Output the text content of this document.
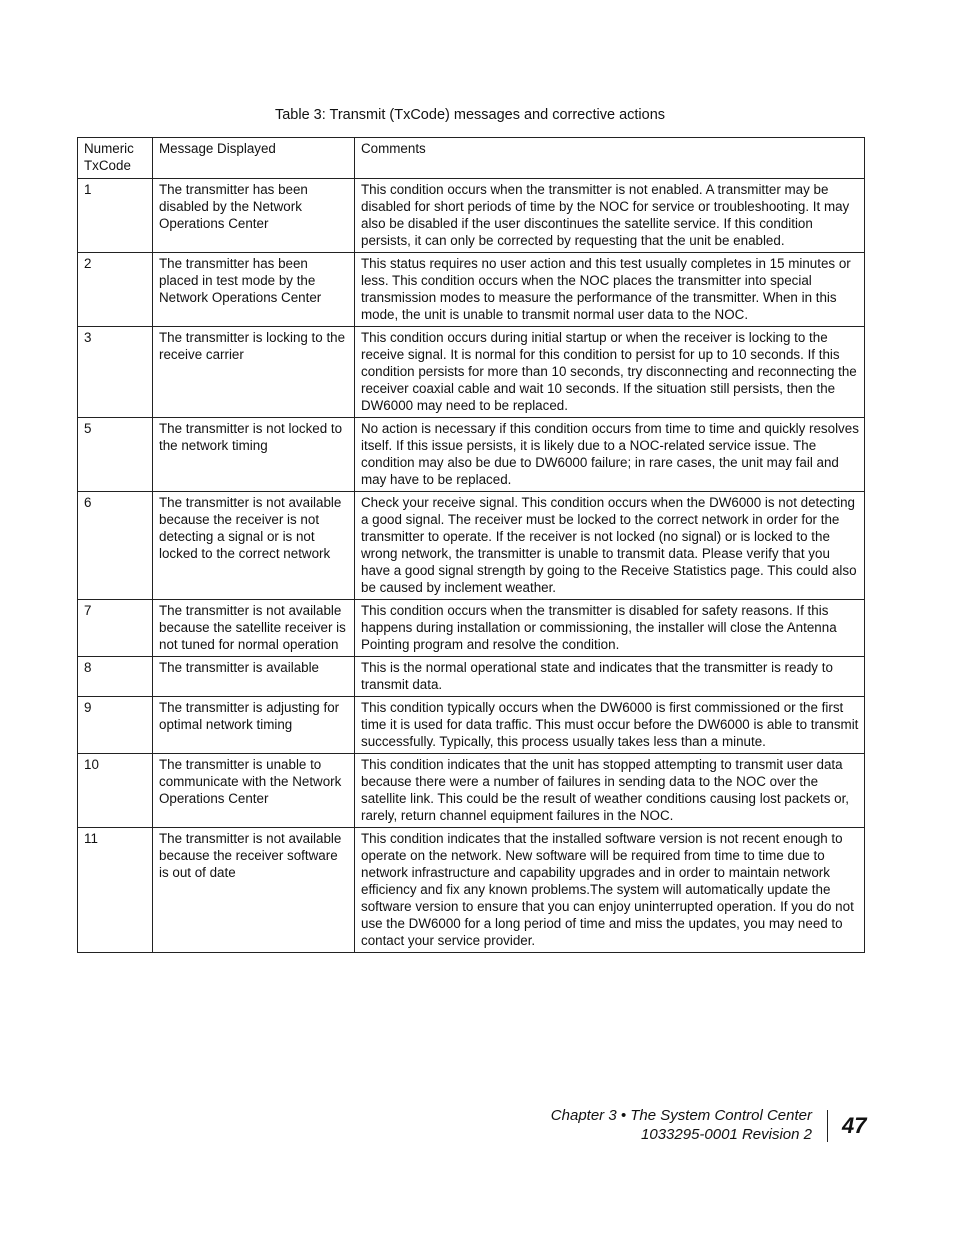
Table 3: Transmit (TxCode) messages and corrective actions
Numeric TxCode	Message Displayed	Comments
1	The transmitter has been disabled by the Network Operations Center	This condition occurs when the transmitter is not enabled. A transmitter may be disabled for short periods of time by the NOC for service or troubleshooting. It may also be disabled if the user discontinues the satellite service. If this condition persists, it can only be corrected by requesting that the unit be enabled.
2	The transmitter has been placed in test mode by the Network Operations Center	This status requires no user action and this test usually completes in 15 minutes or less. This condition occurs when the NOC places the transmitter into special transmission modes to measure the performance of the transmitter. When in this mode, the unit is unable to transmit normal user data to the NOC.
3	The transmitter is locking to the receive carrier	This condition occurs during initial startup or when the receiver is locking to the receive signal. It is normal for this condition to persist for up to 10 seconds. If this condition persists for more than 10 seconds, try disconnecting and reconnecting the receiver coaxial cable and wait 10 seconds. If the situation still persists, then the DW6000 may need to be replaced.
5	The transmitter is not locked to the network timing	No action is necessary if this condition occurs from time to time and quickly resolves itself. If this issue persists, it is likely due to a NOC-related service issue. The condition may also be due to DW6000 failure; in rare cases, the unit may fail and may have to be replaced.
6	The transmitter is not available because the receiver is not detecting a signal or is not locked to the correct network	Check your receive signal. This condition occurs when the DW6000 is not detecting a good signal. The receiver must be locked to the correct network in order for the transmitter to operate. If the receiver is not locked (no signal) or is locked to the wrong network, the transmitter is unable to transmit data. Please verify that you have a good signal strength by going to the Receive Statistics page. This could also be caused by inclement weather.
7	The transmitter is not available because the satellite receiver is not tuned for normal operation	This condition occurs when the transmitter is disabled for safety reasons. If this happens during installation or commissioning, the installer will close the Antenna Pointing program and resolve the condition.
8	The transmitter is available	This is the normal operational state and indicates that the transmitter is ready to transmit data.
9	The transmitter is adjusting for optimal network timing	This condition typically occurs when the DW6000 is first commissioned or the first time it is used for data traffic. This must occur before the DW6000 is able to transmit successfully. Typically, this process usually takes less than a minute.
10	The transmitter is unable to communicate with the Network Operations Center	This condition indicates that the unit has stopped attempting to transmit user data because there were a number of failures in sending data to the NOC over the satellite link. This could be the result of weather conditions causing lost packets or, rarely, return channel equipment failures in the NOC.
11	The transmitter is not available because the receiver software is out of date	This condition indicates that the installed software version is not recent enough to operate on the network. New software will be required from time to time due to network infrastructure and capability upgrades and in order to maintain network efficiency and fix any known problems.The system will automatically update the software version to ensure that you can enjoy uninterrupted operation. If you do not use the DW6000 for a long period of time and miss the updates, you may need to contact your service provider.
Chapter 3 • The System Control Center
1033295-0001 Revision 2 47
